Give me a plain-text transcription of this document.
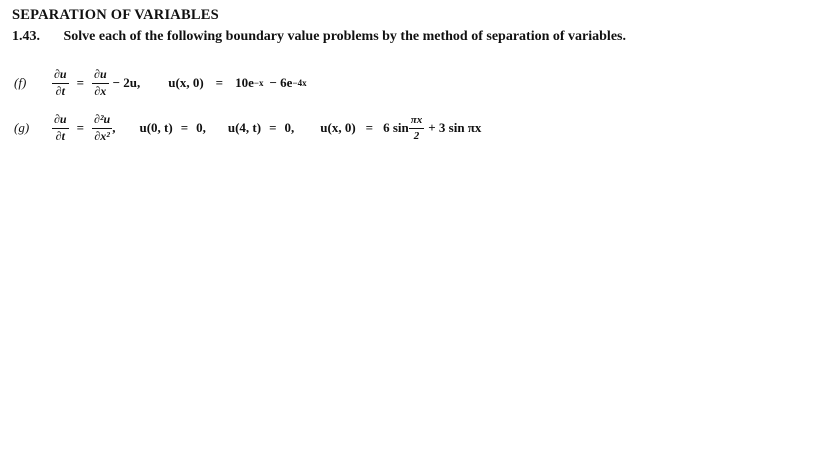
SEPARATION OF VARIABLES
1.43. Solve each of the following boundary value problems by the method of separation of variables.
(f)	$\frac{\partial u}{\partial t} = \frac{\partial u}{\partial x} - 2u$, u(x, 0) = 10e −x − 6e −4x
(g)	$\frac{\partial u}{\partial t} = \frac{\text{∂²u}}{\text{∂x²}}$ , u(0, t) = 0, u(4, t) = 0, u(x, 0) = 6 $\sin \frac{\pi x}{2} + 3$ sin πx
